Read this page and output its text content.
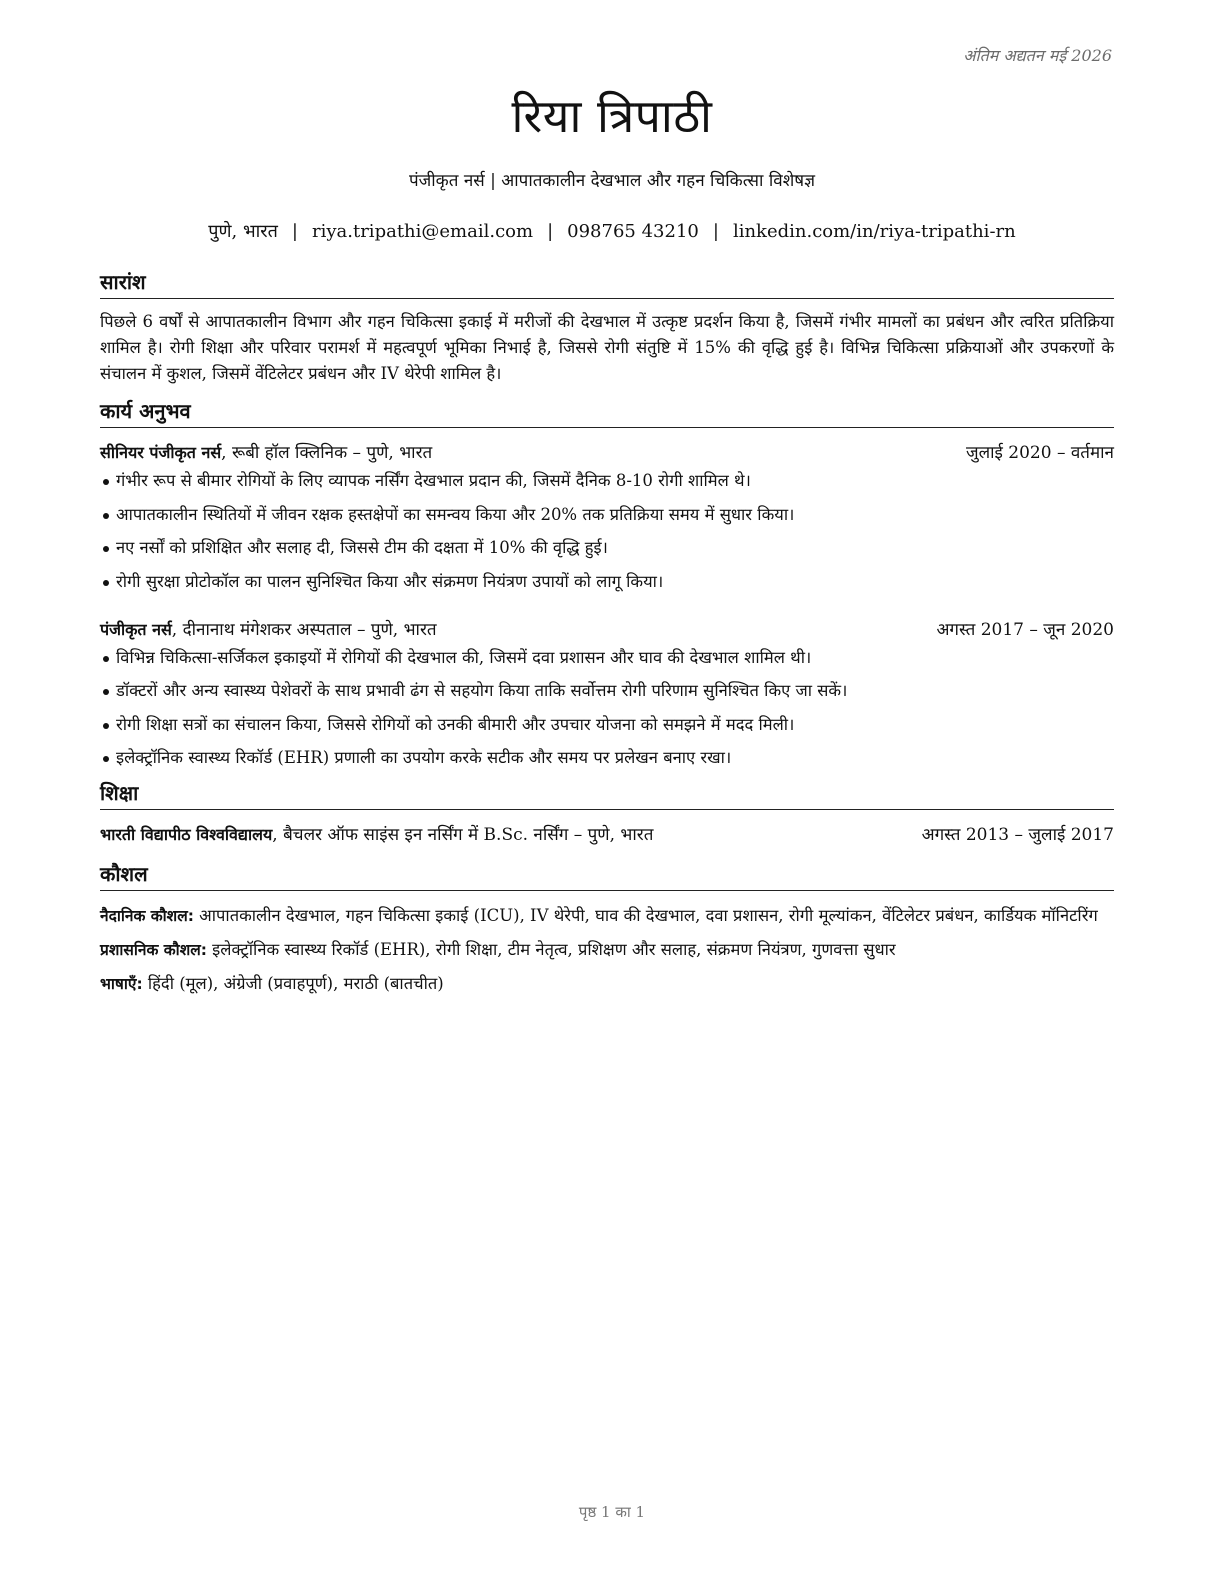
अंतिम अद्यतन मई 2026
रिया त्रिपाठी
पंजीकृत नर्स | आपातकालीन देखभाल और गहन चिकित्सा विशेषज्ञ
पुणे, भारत | riya.tripathi@email.com | 098765 43210 | linkedin.com/in/riya-tripathi-rn
सारांश

पिछले 6 वर्षों से आपातकालीन विभाग और गहन चिकित्सा इकाई में मरीजों की देखभाल में उत्कृष्ट प्रदर्शन किया है, जिसमें गंभीर मामलों का प्रबंधन और त्वरित प्रतिक्रिया शामिल है। रोगी शिक्षा और परिवार परामर्श में महत्वपूर्ण भूमिका निभाई है, जिससे रोगी संतुष्टि में 15% की वृद्धि हुई है। विभिन्न चिकित्सा प्रक्रियाओं और उपकरणों के संचालन में कुशल, जिसमें वेंटिलेटर प्रबंधन और IV थेरेपी शामिल है।

कार्य अनुभव
सीनियर पंजीकृत नर्स, रूबी हॉल क्लिनिक – पुणे, भारत	जुलाई 2020 – वर्तमान
गंभीर रूप से बीमार रोगियों के लिए व्यापक नर्सिंग देखभाल प्रदान की, जिसमें दैनिक 8-10 रोगी शामिल थे।
आपातकालीन स्थितियों में जीवन रक्षक हस्तक्षेपों का समन्वय किया और 20% तक प्रतिक्रिया समय में सुधार किया।
नए नर्सों को प्रशिक्षित और सलाह दी, जिससे टीम की दक्षता में 10% की वृद्धि हुई।
रोगी सुरक्षा प्रोटोकॉल का पालन सुनिश्चित किया और संक्रमण नियंत्रण उपायों को लागू किया।
पंजीकृत नर्स, दीनानाथ मंगेशकर अस्पताल – पुणे, भारत	अगस्त 2017 – जून 2020
विभिन्न चिकित्सा-सर्जिकल इकाइयों में रोगियों की देखभाल की, जिसमें दवा प्रशासन और घाव की देखभाल शामिल थी।
डॉक्टरों और अन्य स्वास्थ्य पेशेवरों के साथ प्रभावी ढंग से सहयोग किया ताकि सर्वोत्तम रोगी परिणाम सुनिश्चित किए जा सकें।
रोगी शिक्षा सत्रों का संचालन किया, जिससे रोगियों को उनकी बीमारी और उपचार योजना को समझने में मदद मिली।
इलेक्ट्रॉनिक स्वास्थ्य रिकॉर्ड (EHR) प्रणाली का उपयोग करके सटीक और समय पर प्रलेखन बनाए रखा।
शिक्षा
भारती विद्यापीठ विश्वविद्यालय, बैचलर ऑफ साइंस इन नर्सिंग में B.Sc. नर्सिंग – पुणे, भारत	अगस्त 2013 – जुलाई 2017
कौशल
नैदानिक कौशल: आपातकालीन देखभाल, गहन चिकित्सा इकाई (ICU), IV थेरेपी, घाव की देखभाल, दवा प्रशासन, रोगी मूल्यांकन, वेंटिलेटर प्रबंधन, कार्डियक मॉनिटरिंग
प्रशासनिक कौशल: इलेक्ट्रॉनिक स्वास्थ्य रिकॉर्ड (EHR), रोगी शिक्षा, टीम नेतृत्व, प्रशिक्षण और सलाह, संक्रमण नियंत्रण, गुणवत्ता सुधार
भाषाएँ: हिंदी (मूल), अंग्रेजी (प्रवाहपूर्ण), मराठी (बातचीत)
पृष्ठ 1 का 1
